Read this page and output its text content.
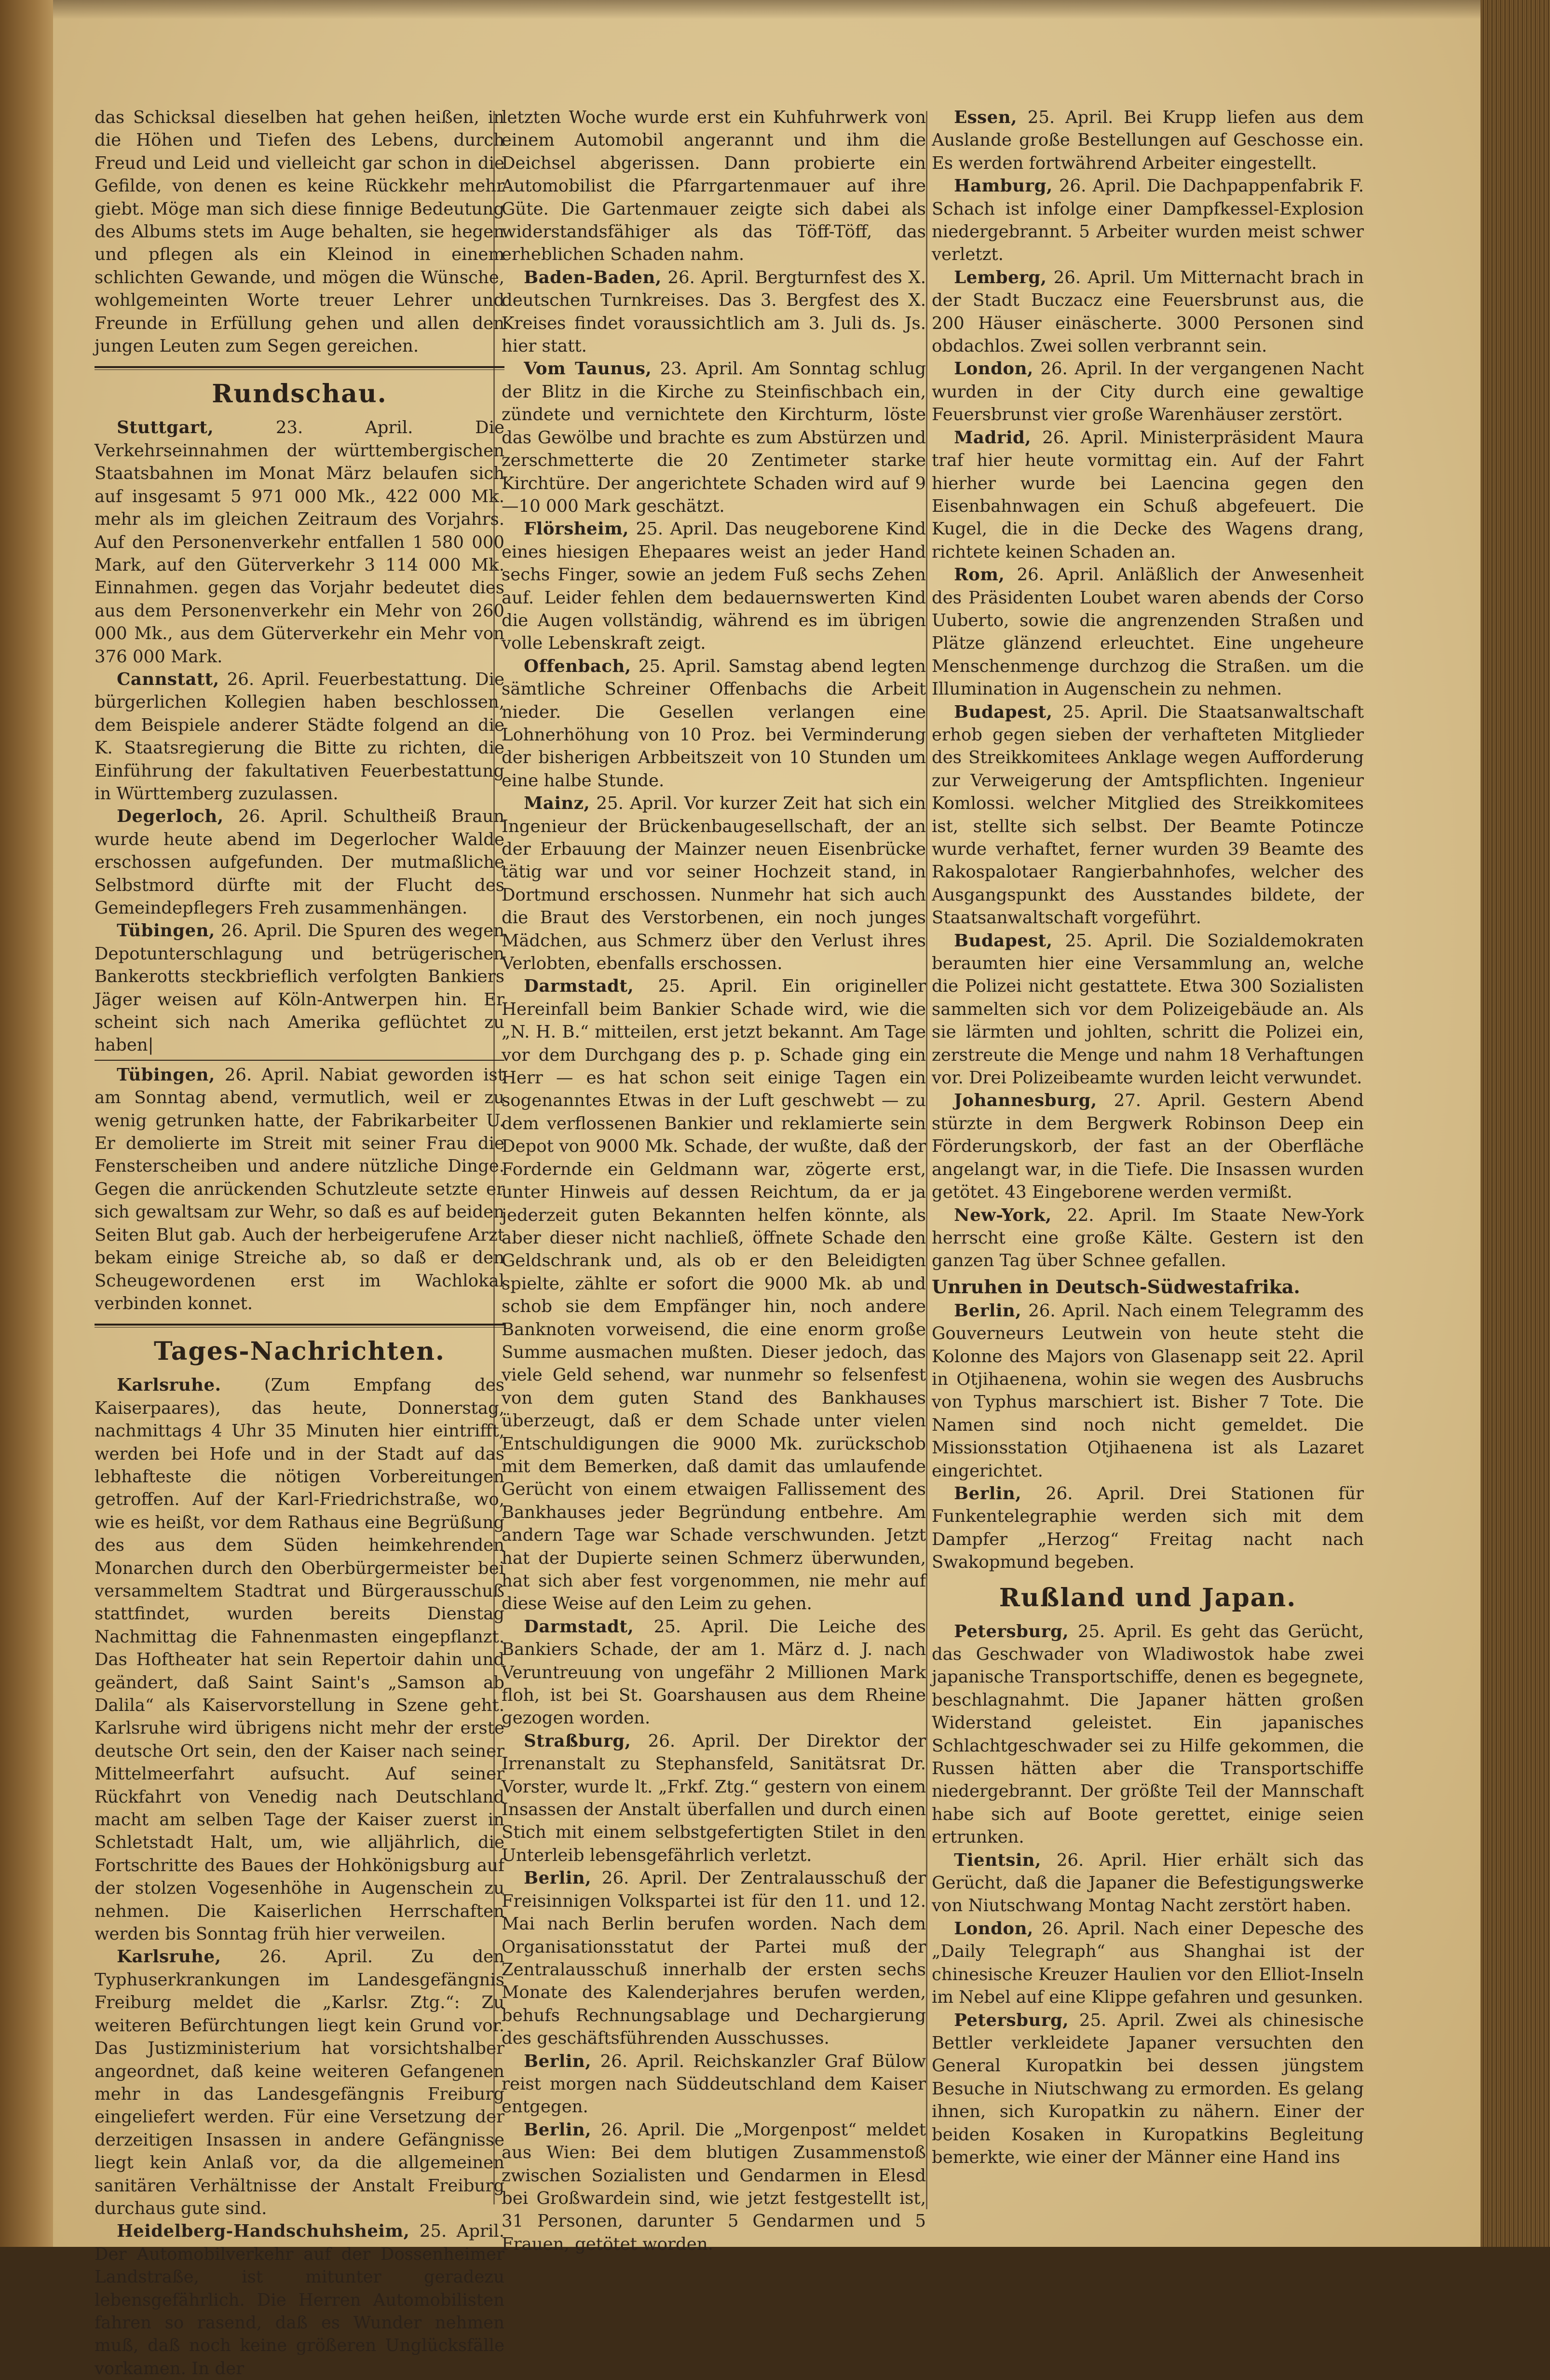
das Schicksal dieselben hat gehen heißen, in die Höhen und Tiefen des Lebens, durch Freud und Leid und vielleicht gar schon in die Gefilde, von denen es keine Rückkehr mehr giebt. Möge man sich diese finnige Bedeutung des Albums stets im Auge behalten, sie hegen und pflegen als ein Kleinod in einem schlichten Gewande, und mögen die Wünsche, wohlgemeinten Worte treuer Lehrer und Freunde in Erfüllung gehen und allen den jungen Leuten zum Segen gereichen.

Rundschau.

Stuttgart,	23. April. Die Verkehrseinnahmen der württembergischen Staatsbahnen im Monat März belaufen sich auf insgesamt 5 971 000 Mk., 422 000 Mk. mehr als im gleichen Zeitraum des Vorjahrs. Auf den Personenverkehr entfallen 1 580 000 Mark, auf den Güterverkehr 3 114 000 Mk. Einnahmen. gegen das Vorjahr bedeutet dies aus dem Personenverkehr ein Mehr von 260 000 Mk., aus dem Güterverkehr ein Mehr von 376 000 Mark.

Cannstatt, 26. April. Feuerbestattung. Die bürgerlichen Kollegien haben beschlossen, dem Beispiele anderer Städte folgend an die K. Staatsregierung die Bitte zu richten, die Einführung der fakultativen Feuerbestattung in Württemberg zuzulassen.

Degerloch, 26. April. Schultheiß Braun wurde heute abend im Degerlocher Walde erschossen aufgefunden. Der mutmaßliche Selbstmord dürfte mit der Flucht des Gemeindepflegers Freh zusammenhängen.

Tübingen, 26. April. Die Spuren des wegen Depotunterschlagung und betrügerischen Bankerotts steckbrieflich verfolgten Bankiers Jäger weisen auf Köln-Antwerpen hin. Er scheint sich nach Amerika geflüchtet zu haben|

Tübingen, 26. April. Nabiat geworden ist am Sonntag abend, vermutlich, weil er zu wenig getrunken hatte, der Fabrikarbeiter U. Er demolierte im Streit mit seiner Frau die Fensterscheiben und andere nützliche Dinge. Gegen die anrückenden Schutzleute setzte er sich gewaltsam zur Wehr, so daß es auf beiden Seiten Blut gab. Auch der herbeigerufene Arzt bekam einige Streiche ab, so daß er den Scheugewordenen erst im Wachlokal verbinden konnet.

Tages-Nachrichten.

Karlsruhe.	(Zum Empfang des Kaiserpaares), das heute, Donnerstag, nachmittags 4 Uhr 35 Minuten hier eintrifft, werden bei Hofe und in der Stadt auf das lebhafteste die nötigen Vorbereitungen getroffen. Auf der Karl-Friedrichstraße, wo, wie es heißt, vor dem Rathaus eine Begrüßung des aus dem Süden heimkehrenden Monarchen durch den Oberbürgermeister bei versammeltem Stadtrat und Bürgerausschuß stattfindet, wurden bereits Dienstag Nachmittag die Fahnenmasten eingepflanzt. Das Hoftheater hat sein Repertoir dahin und geändert, daß Saint Saint's „Samson ab Dalila“ als Kaiservorstellung in Szene geht. Karlsruhe wird übrigens nicht mehr der erste deutsche Ort sein, den der Kaiser nach seiner Mittelmeerfahrt aufsucht. Auf seiner Rückfahrt von Venedig nach Deutschland macht am selben Tage der Kaiser zuerst in Schletstadt Halt, um, wie alljährlich, die Fortschritte des Baues der Hohkönigsburg auf der stolzen Vogesenhöhe in Augenschein zu nehmen. Die Kaiserlichen Herrschaften werden bis Sonntag früh hier verweilen.

Karlsruhe, 26. April. Zu den Typhuserkrankungen im Landesgefängnis Freiburg meldet die „Karlsr. Ztg.“: Zu weiteren Befürchtungen liegt kein Grund vor. Das Justizministerium hat vorsichtshalber angeordnet, daß keine weiteren Gefangenen mehr in das Landesgefängnis Freiburg eingeliefert werden. Für eine Versetzung der derzeitigen Insassen in andere Gefängnisse liegt kein Anlaß vor, da die allgemeinen sanitären Verhältnisse der Anstalt Freiburg durchaus gute sind.

Heidelberg-Handschuhsheim, 25. April. Der Automobilverkehr auf der Dossenheimer Landstraße, ist mitunter geradezu lebensgefährlich. Die Herren Automobilisten fahren so rasend, daß es Wunder nehmen muß, daß noch keine größeren Unglücksfälle vorkamen. In der

letzten Woche wurde erst ein Kuhfuhrwerk von einem Automobil angerannt und ihm die Deichsel abgerissen. Dann probierte ein Automobilist die Pfarrgartenmauer auf ihre Güte. Die Gartenmauer zeigte sich dabei als widerstandsfähiger als das Töff-Töff, das erheblichen Schaden nahm.

Baden-Baden, 26. April. Bergturnfest des X. deutschen Turnkreises. Das 3. Bergfest des X. Kreises findet voraussichtlich am 3. Juli ds. Js. hier statt.

Vom Taunus, 23. April. Am Sonntag schlug der Blitz in die Kirche zu Steinfischbach ein, zündete und vernichtete den Kirchturm, löste das Gewölbe und brachte es zum Abstürzen und zerschmetterte die 20 Zentimeter starke Kirchtüre. Der angerichtete Schaden wird auf 9—10 000 Mark geschätzt.

Flörsheim, 25. April. Das neugeborene Kind eines hiesigen Ehepaares weist an jeder Hand sechs Finger, sowie an jedem Fuß sechs Zehen auf. Leider fehlen dem bedauernswerten Kind die Augen vollständig, während es im übrigen volle Lebenskraft zeigt.

Offenbach, 25. April. Samstag abend legten sämtliche Schreiner Offenbachs die Arbeit nieder. Die Gesellen verlangen eine Lohnerhöhung von 10 Proz. bei Verminderung der bisherigen Arbbeitszeit von 10 Stunden um eine halbe Stunde.

Mainz, 25. April. Vor kurzer Zeit hat sich ein Ingenieur der Brückenbaugesellschaft, der an der Erbauung der Mainzer neuen Eisenbrücke tätig war und vor seiner Hochzeit stand, in Dortmund erschossen. Nunmehr hat sich auch die Braut des Verstorbenen, ein noch junges Mädchen, aus Schmerz über den Verlust ihres Verlobten, ebenfalls erschossen.

Darmstadt, 25. April. Ein origineller Hereinfall beim Bankier Schade wird, wie die „N. H. B.“ mitteilen, erst jetzt bekannt. Am Tage vor dem Durchgang des p. p. Schade ging ein Herr — es hat schon seit einige Tagen ein sogenanntes Etwas in der Luft geschwebt — zu dem verflossenen Bankier und reklamierte sein Depot von 9000 Mk. Schade, der wußte, daß der Fordernde ein Geldmann war, zögerte erst, unter Hinweis auf dessen Reichtum, da er ja jederzeit guten Bekannten helfen könnte, als aber dieser nicht nachließ, öffnete Schade den Geldschrank und, als ob er den Beleidigten spielte, zählte er sofort die 9000 Mk. ab und schob sie dem Empfänger hin, noch andere Banknoten vorweisend, die eine enorm große Summe ausmachen mußten. Dieser jedoch, das viele Geld sehend, war nunmehr so felsenfest von dem guten Stand des Bankhauses überzeugt, daß er dem Schade unter vielen Entschuldigungen die 9000 Mk. zurückschob mit dem Bemerken, daß damit das umlaufende Gerücht von einem etwaigen Fallissement des Bankhauses jeder Begründung entbehre. Am andern Tage war Schade verschwunden. Jetzt hat der Dupierte seinen Schmerz überwunden, hat sich aber fest vorgenommen, nie mehr auf diese Weise auf den Leim zu gehen.

Darmstadt, 25. April. Die Leiche des Bankiers Schade, der am 1. März d. J. nach Veruntreuung von ungefähr 2 Millionen Mark floh, ist bei St. Goarshausen aus dem Rheine gezogen worden.

Straßburg, 26. April. Der Direktor der Irrenanstalt zu Stephansfeld, Sanitätsrat Dr. Vorster, wurde lt. „Frkf. Ztg.“ gestern von einem Insassen der Anstalt überfallen und durch einen Stich mit einem selbstgefertigten Stilet in den Unterleib lebensgefährlich verletzt.

Berlin, 26. April. Der Zentralausschuß der Freisinnigen Volkspartei ist für den 11. und 12. Mai nach Berlin berufen worden. Nach dem Organisationsstatut der Partei muß der Zentralausschuß innerhalb der ersten sechs Monate des Kalenderjahres berufen werden, behufs Rechnungsablage und Dechargierung des geschäftsführenden Ausschusses.

Berlin, 26. April. Reichskanzler Graf Bülow reist morgen nach Süddeutschland dem Kaiser entgegen.

Berlin, 26. April. Die „Morgenpost“ meldet aus Wien: Bei dem blutigen Zusammenstoß zwischen Sozialisten und Gendarmen in Elesd bei Großwardein sind, wie jetzt festgestellt ist, 31 Personen, darunter 5 Gendarmen und 5 Frauen, getötet worden.

Essen, 25. April. Bei Krupp liefen aus dem Auslande große Bestellungen auf Geschosse ein. Es werden fortwährend Arbeiter eingestellt.

Hamburg, 26. April. Die Dachpappenfabrik F. Schach ist infolge einer Dampfkessel-Explosion niedergebrannt. 5 Arbeiter wurden meist schwer verletzt.

Lemberg, 26. April. Um Mitternacht brach in der Stadt Buczacz eine Feuersbrunst aus, die 200 Häuser einäscherte. 3000 Personen sind obdachlos. Zwei sollen verbrannt sein.

London, 26. April. In der vergangenen Nacht wurden in der City durch eine gewaltige Feuersbrunst vier große Warenhäuser zerstört.

Madrid, 26. April. Ministerpräsident Maura traf hier heute vormittag ein. Auf der Fahrt hierher wurde bei Laencina gegen den Eisenbahnwagen ein Schuß abgefeuert. Die Kugel, die in die Decke des Wagens drang, richtete keinen Schaden an.

Rom, 26. April. Anläßlich der Anwesenheit des Präsidenten Loubet waren abends der Corso Uuberto, sowie die angrenzenden Straßen und Plätze glänzend erleuchtet. Eine ungeheure Menschenmenge durchzog die Straßen. um die Illumination in Augenschein zu nehmen.

Budapest, 25. April. Die Staatsanwaltschaft erhob gegen sieben der verhafteten Mitglieder des Streikkomitees Anklage wegen Aufforderung zur Verweigerung der Amtspflichten. Ingenieur Komlossi. welcher Mitglied des Streikkomitees ist, stellte sich selbst. Der Beamte Potincze wurde verhaftet, ferner wurden 39 Beamte des Rakospalotaer Rangierbahnhofes, welcher des Ausgangspunkt des Ausstandes bildete, der Staatsanwaltschaft vorgeführt.

Budapest, 25. April. Die Sozialdemokraten beraumten hier eine Versammlung an, welche die Polizei nicht gestattete. Etwa 300 Sozialisten sammelten sich vor dem Polizeigebäude an. Als sie lärmten und johlten, schritt die Polizei ein, zerstreute die Menge und nahm 18 Verhaftungen vor. Drei Polizeibeamte wurden leicht verwundet.

Johannesburg, 27. April. Gestern Abend stürzte in dem Bergwerk Robinson Deep ein Förderungskorb, der fast an der Oberfläche angelangt war, in die Tiefe. Die Insassen wurden getötet. 43 Eingeborene werden vermißt.

New-York, 22. April. Im Staate New-York herrscht eine große Kälte. Gestern ist den ganzen Tag über Schnee gefallen.

Unruhen in Deutsch-Südwestafrika.

Berlin, 26. April. Nach einem Telegramm des Gouverneurs Leutwein von heute steht die Kolonne des Majors von Glasenapp seit 22. April in Otjihaenena, wohin sie wegen des Ausbruchs von Typhus marschiert ist. Bisher 7 Tote. Die Namen sind noch nicht gemeldet. Die Missionsstation Otjihaenena ist als Lazaret eingerichtet.

Berlin, 26. April. Drei Stationen für Funkentelegraphie werden sich mit dem Dampfer „Herzog“ Freitag nacht nach Swakopmund begeben.

Rußland und Japan.

Petersburg, 25. April. Es geht das Gerücht, das Geschwader von Wladiwostok habe zwei japanische Transportschiffe, denen es begegnete, beschlagnahmt. Die Japaner hätten großen Widerstand geleistet. Ein japanisches Schlachtgeschwader sei zu Hilfe gekommen, die Russen hätten aber die Transportschiffe niedergebrannt. Der größte Teil der Mannschaft habe sich auf Boote gerettet, einige seien ertrunken.

Tientsin, 26. April. Hier erhält sich das Gerücht, daß die Japaner die Befestigungswerke von Niutschwang Montag Nacht zerstört haben.

London, 26. April. Nach einer Depesche des „Daily Telegraph“ aus Shanghai ist der chinesische Kreuzer Haulien vor den Elliot-Inseln im Nebel auf eine Klippe gefahren und gesunken.

Petersburg, 25. April. Zwei als chinesische Bettler verkleidete Japaner versuchten den General Kuropatkin bei dessen jüngstem Besuche in Niutschwang zu ermorden. Es gelang ihnen, sich Kuropatkin zu nähern. Einer der beiden Kosaken in Kuropatkins Begleitung bemerkte, wie einer der Männer eine Hand ins
